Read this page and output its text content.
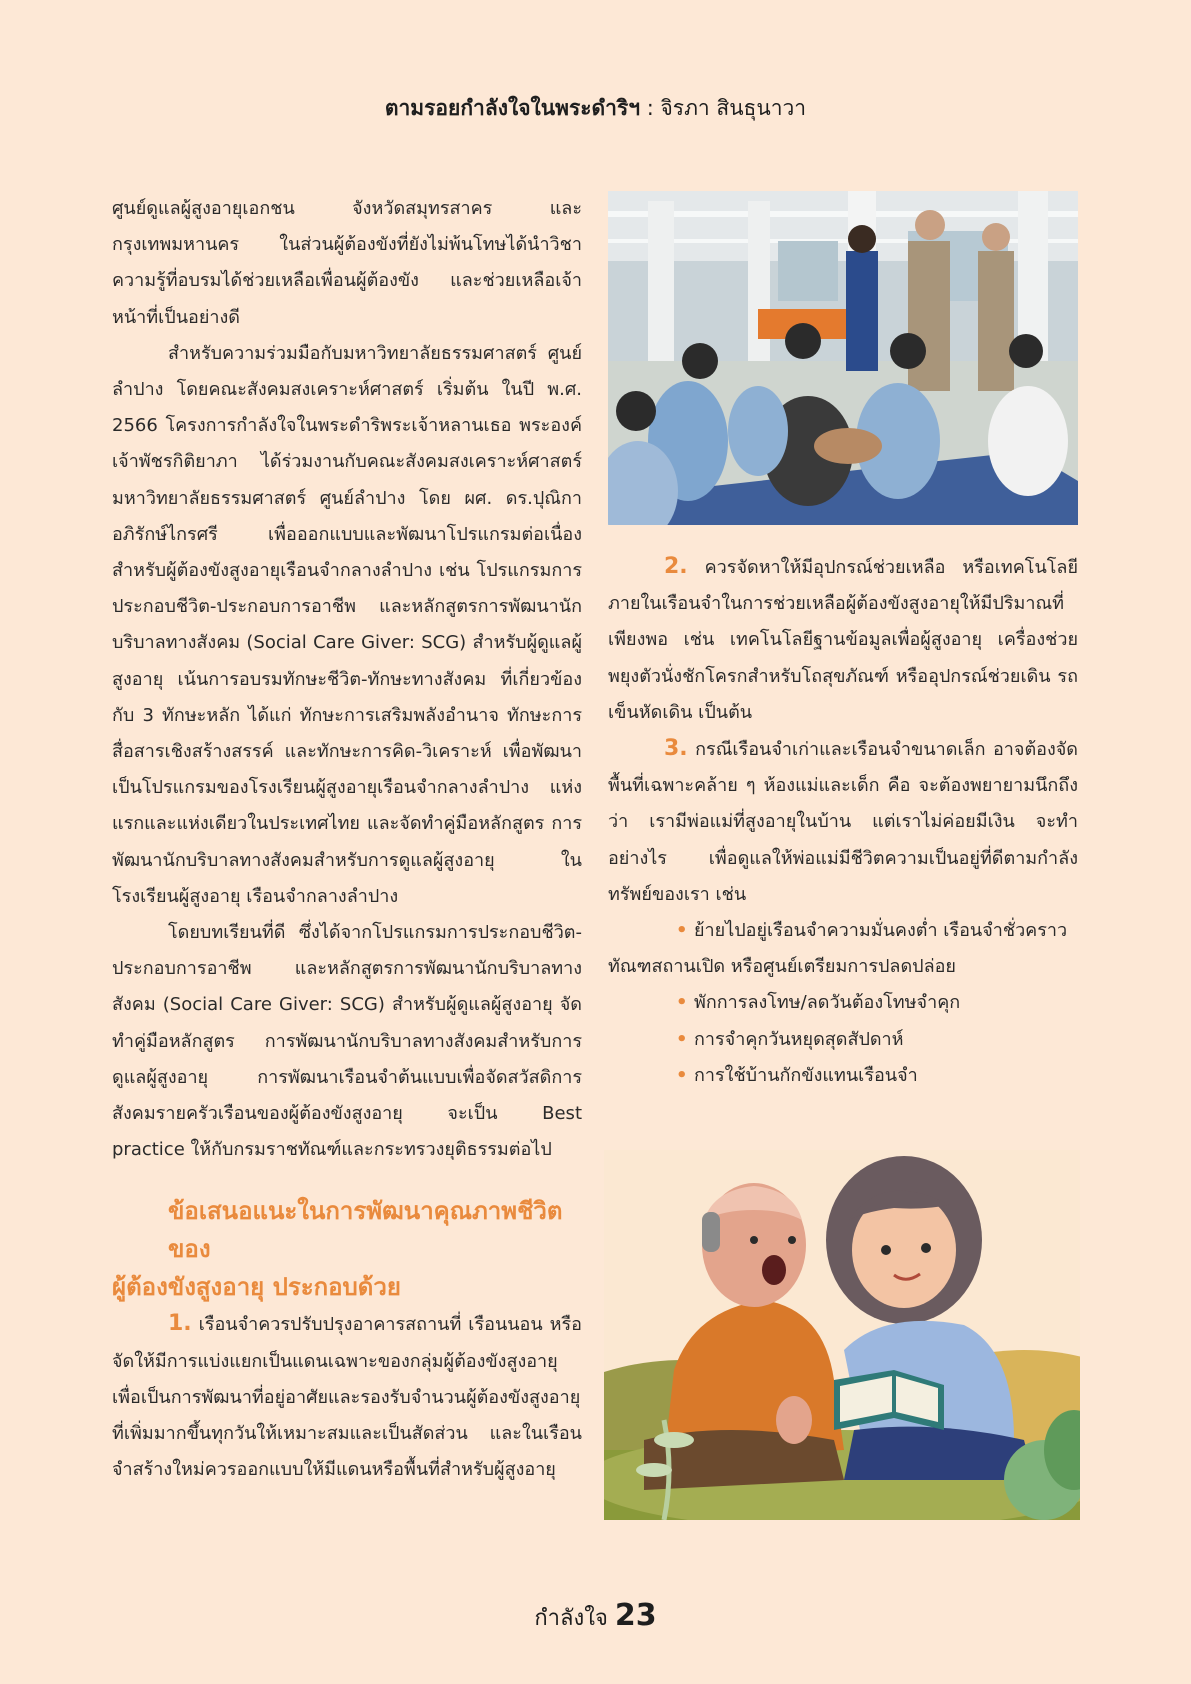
ตามรอยกำลังใจในพระดำริฯ : จิรภา สินธุนาวา

ศูนย์ดูแลผู้สูงอายุเอกชน จังหวัดสมุทรสาคร และกรุงเทพมหานคร ในส่วนผู้ต้องขังที่ยังไม่พ้นโทษได้นำวิชาความรู้ที่อบรมได้ช่วยเหลือเพื่อนผู้ต้องขัง และช่วยเหลือเจ้าหน้าที่เป็นอย่างดี

สำหรับความร่วมมือกับมหาวิทยาลัยธรรมศาสตร์ ศูนย์ลำปาง โดยคณะสังคมสงเคราะห์ศาสตร์ เริ่มต้น ในปี พ.ศ. 2566 โครงการกำลังใจในพระดำริพระเจ้าหลานเธอ พระองค์เจ้าพัชรกิติยาภา ได้ร่วมงานกับคณะสังคมสงเคราะห์ศาสตร์มหาวิทยาลัยธรรมศาสตร์ ศูนย์ลำปาง โดย ผศ. ดร.ปุณิกา อภิรักษ์ไกรศรี เพื่อออกแบบและพัฒนาโปรแกรมต่อเนื่องสำหรับผู้ต้องขังสูงอายุเรือนจำกลางลำปาง เช่น โปรแกรมการประกอบชีวิต-ประกอบการอาชีพ และหลักสูตรการพัฒนานักบริบาลทางสังคม (Social Care Giver: SCG) สำหรับผู้ดูแลผู้สูงอายุ เน้นการอบรมทักษะชีวิต-ทักษะทางสังคม ที่เกี่ยวข้องกับ 3 ทักษะหลัก ได้แก่ ทักษะการเสริมพลังอำนาจ ทักษะการสื่อสารเชิงสร้างสรรค์ และทักษะการคิด-วิเคราะห์ เพื่อพัฒนาเป็นโปรแกรมของโรงเรียนผู้สูงอายุเรือนจำกลางลำปาง แห่งแรกและแห่งเดียวในประเทศไทย และจัดทำคู่มือหลักสูตร การพัฒนานักบริบาลทางสังคมสำหรับการดูแลผู้สูงอายุ ในโรงเรียนผู้สูงอายุ เรือนจำกลางลำปาง

โดยบทเรียนที่ดี ซึ่งได้จากโปรแกรมการประกอบชีวิต-ประกอบการอาชีพ และหลักสูตรการพัฒนานักบริบาลทางสังคม (Social Care Giver: SCG) สำหรับผู้ดูแลผู้สูงอายุ จัดทำคู่มือหลักสูตร การพัฒนานักบริบาลทางสังคมสำหรับการดูแลผู้สูงอายุ การพัฒนาเรือนจำต้นแบบเพื่อจัดสวัสดิการสังคมรายครัวเรือนของผู้ต้องขังสูงอายุ จะเป็น Best practice ให้กับกรมราชทัณฑ์และกระทรวงยุติธรรมต่อไป

ข้อเสนอแนะในการพัฒนาคุณภาพชีวิตของ
ผู้ต้องขังสูงอายุ ประกอบด้วย

1. เรือนจำควรปรับปรุงอาคารสถานที่ เรือนนอน หรือจัดให้มีการแบ่งแยกเป็นแดนเฉพาะของกลุ่มผู้ต้องขังสูงอายุ เพื่อเป็นการพัฒนาที่อยู่อาศัยและรองรับจำนวนผู้ต้องขังสูงอายุที่เพิ่มมากขึ้นทุกวันให้เหมาะสมและเป็นสัดส่วน และในเรือนจำสร้างใหม่ควรออกแบบให้มีแดนหรือพื้นที่สำหรับผู้สูงอายุ

2. ควรจัดหาให้มีอุปกรณ์ช่วยเหลือ หรือเทคโนโลยีภายในเรือนจำในการช่วยเหลือผู้ต้องขังสูงอายุให้มีปริมาณที่เพียงพอ เช่น เทคโนโลยีฐานข้อมูลเพื่อผู้สูงอายุ เครื่องช่วยพยุงตัวนั่งชักโครกสำหรับโถสุขภัณฑ์ หรืออุปกรณ์ช่วยเดิน รถเข็นหัดเดิน เป็นต้น

3. กรณีเรือนจำเก่าและเรือนจำขนาดเล็ก อาจต้องจัดพื้นที่เฉพาะคล้าย ๆ ห้องแม่และเด็ก คือ จะต้องพยายามนึกถึงว่า เรามีพ่อแม่ที่สูงอายุในบ้าน แต่เราไม่ค่อยมีเงิน จะทำอย่างไร เพื่อดูแลให้พ่อแม่มีชีวิตความเป็นอยู่ที่ดีตามกำลังทรัพย์ของเรา เช่น

• ย้ายไปอยู่เรือนจำความมั่นคงต่ำ เรือนจำชั่วคราว
ทัณฑสถานเปิด หรือศูนย์เตรียมการปลดปล่อย
• พักการลงโทษ/ลดวันต้องโทษจำคุก
• การจำคุกวันหยุดสุดสัปดาห์
• การใช้บ้านกักขังแทนเรือนจำ
กำลังใจ 23
